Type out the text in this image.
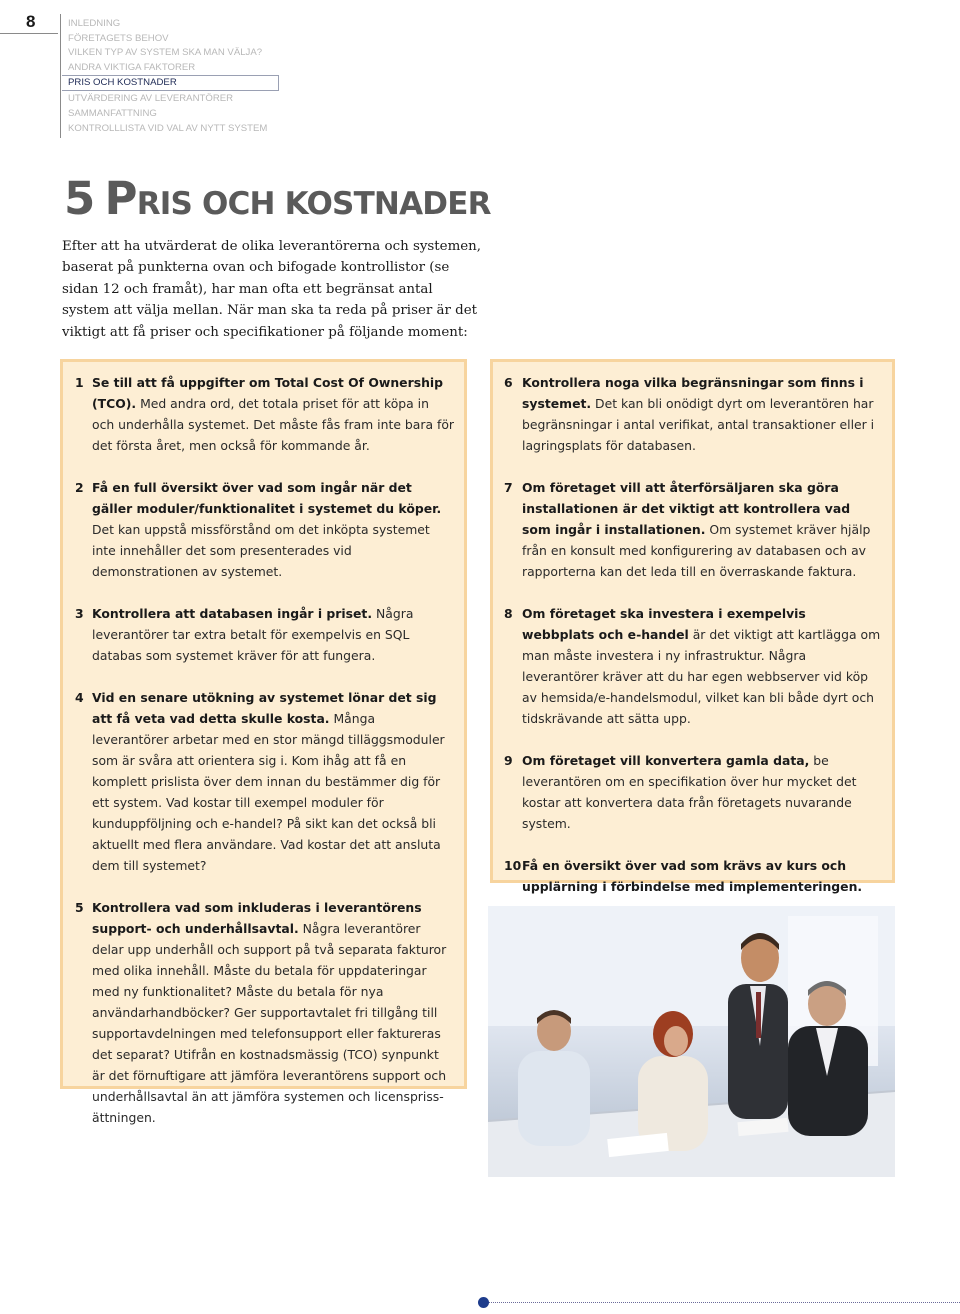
8	INLEDNING
FÖRETAGETS BEHOV
VILKEN TYP AV SYSTEM SKA MAN VÄLJA?
ANDRA VIKTIGA FAKTORER
PRIS OCH KOSTNADER
UTVÄRDERING AV LEVERANTÖRER
SAMMANFATTNING
KONTROLLLISTA VID VAL AV NYTT SYSTEM
5 PRIS OCH KOSTNADER

Efter att ha utvärderat de olika leverantörerna och systemen, baserat på punkterna ovan och bifogade kontrollistor (se sidan 12 och framåt), har man ofta ett begränsat antal system att välja mellan. När man ska ta reda på priser är det viktigt att få priser och specifikationer på följande moment:

1 Se till att få uppgifter om Total Cost Of Ownership (TCO). Med andra ord, det totala priset för att köpa in och underhålla systemet. Det måste fås fram inte bara för det första året, men också för kommande år.
2 Få en full översikt över vad som ingår när det gäller moduler/funktionalitet i systemet du köper. Det kan uppstå missförstånd om det inköpta systemet inte innehåller det som presenterades vid demonstrationen av systemet.
3 Kontrollera att databasen ingår i priset. Några leverantörer tar extra betalt för exempelvis en SQL databas som systemet kräver för att fungera.
4 Vid en senare utökning av systemet lönar det sig att få veta vad detta skulle kosta. Många leverantörer arbetar med en stor mängd tilläggsmoduler som är svåra att orientera sig i. Kom ihåg att få en komplett prislista över dem innan du bestämmer dig för ett system. Vad kostar till exempel moduler för kunduppföljning och e-handel? På sikt kan det också bli aktuellt med flera användare. Vad kostar det att ansluta dem till systemet?
5 Kontrollera vad som inkluderas i leverantörens support- och underhållsavtal. Några leverantörer delar upp underhåll och support på två separata fakturor med olika innehåll. Måste du betala för uppdateringar med ny funktionalitet? Måste du betala för nya användarhandböcker? Ger supportavtalet fri tillgång till supportavdelningen med telefonsupport eller faktureras det separat? Utifrån en kostnadsmässig (TCO) synpunkt är det förnuftigare att jämföra leverantörens support och underhållsavtal än att jämföra systemen och licensprissättningen.
6 Kontrollera noga vilka begränsningar som finns i systemet. Det kan bli onödigt dyrt om leverantören har begränsningar i antal verifikat, antal transaktioner eller i lagringsplats för databasen.
7 Om företaget vill att återförsäljaren ska göra installationen är det viktigt att kontrollera vad som ingår i installationen. Om systemet kräver hjälp från en konsult med konfigurering av databasen och av rapporterna kan det leda till en överraskande faktura.
8 Om företaget ska investera i exempelvis webbplats och e-handel är det viktigt att kartlägga om man måste investera i ny infrastruktur. Några leverantörer kräver att du har egen webbserver vid köp av hemsida/e-handelsmodul, vilket kan bli både dyrt och tidskrävande att sätta upp.
9 Om företaget vill konvertera gamla data, be leverantören om en specifikation över hur mycket det kostar att konvertera data från företagets nuvarande system.
10 Få en översikt över vad som krävs av kurs och upplärning i förbindelse med implementeringen.
